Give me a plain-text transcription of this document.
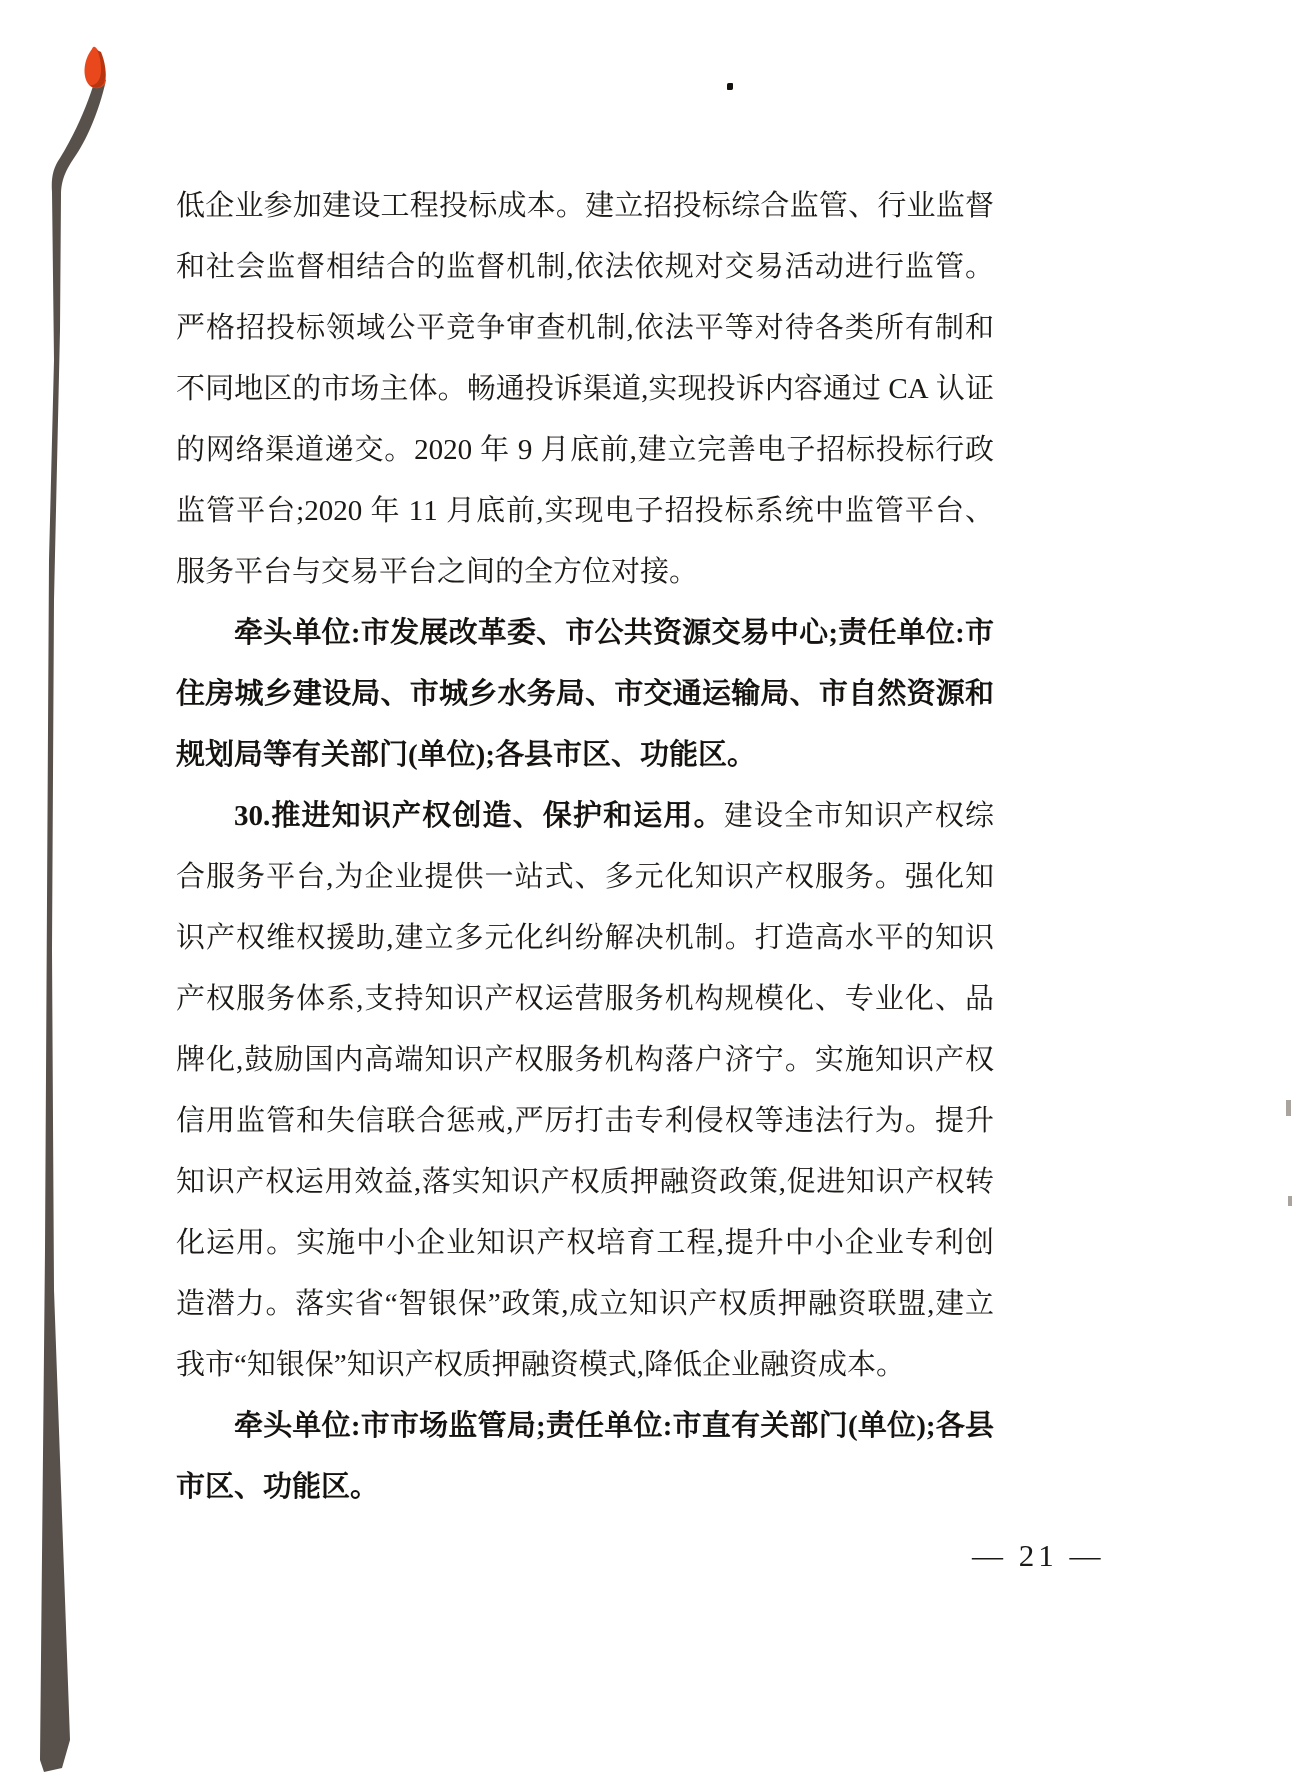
低企业参加建设工程投标成本。建立招投标综合监管、行业监督和社会监督相结合的监督机制,依法依规对交易活动进行监管。严格招投标领域公平竞争审查机制,依法平等对待各类所有制和不同地区的市场主体。畅通投诉渠道,实现投诉内容通过 CA 认证的网络渠道递交。2020 年 9 月底前,建立完善电子招标投标行政监管平台;2020 年 11 月底前,实现电子招投标系统中监管平台、服务平台与交易平台之间的全方位对接。

牵头单位:市发展改革委、市公共资源交易中心;责任单位:市住房城乡建设局、市城乡水务局、市交通运输局、市自然资源和规划局等有关部门(单位);各县市区、功能区。

30.推进知识产权创造、保护和运用。建设全市知识产权综合服务平台,为企业提供一站式、多元化知识产权服务。强化知识产权维权援助,建立多元化纠纷解决机制。打造高水平的知识产权服务体系,支持知识产权运营服务机构规模化、专业化、品牌化,鼓励国内高端知识产权服务机构落户济宁。实施知识产权信用监管和失信联合惩戒,严厉打击专利侵权等违法行为。提升知识产权运用效益,落实知识产权质押融资政策,促进知识产权转化运用。实施中小企业知识产权培育工程,提升中小企业专利创造潜力。落实省“智银保”政策,成立知识产权质押融资联盟,建立我市“知银保”知识产权质押融资模式,降低企业融资成本。

牵头单位:市市场监管局;责任单位:市直有关部门(单位);各县市区、功能区。

— 21 —
